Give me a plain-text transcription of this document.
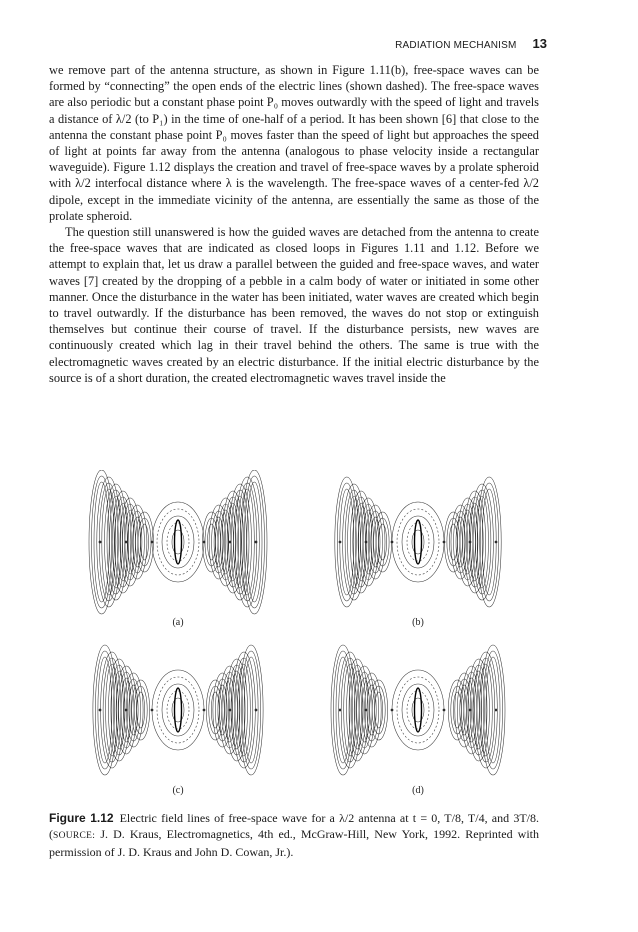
RADIATION MECHANISM 13

we remove part of the antenna structure, as shown in Figure 1.11(b), free-space waves can be formed by “connecting” the open ends of the electric lines (shown dashed). The free-space waves are also periodic but a constant phase point P₀ moves outwardly with the speed of light and travels a distance of λ/2 (to P₁) in the time of one-half of a period. It has been shown [6] that close to the antenna the constant phase point P₀ moves faster than the speed of light but approaches the speed of light at points far away from the antenna (analogous to phase velocity inside a rectangular waveguide). Figure 1.12 displays the creation and travel of free-space waves by a prolate spheroid with λ/2 interfocal distance where λ is the wavelength. The free-space waves of a center-fed λ/2 dipole, except in the immediate vicinity of the antenna, are essentially the same as those of the prolate spheroid.

The question still unanswered is how the guided waves are detached from the antenna to create the free-space waves that are indicated as closed loops in Figures 1.11 and 1.12. Before we attempt to explain that, let us draw a parallel between the guided and free-space waves, and water waves [7] created by the dropping of a pebble in a calm body of water or initiated in some other manner. Once the disturbance in the water has been initiated, water waves are created which begin to travel outwardly. If the disturbance has been removed, the waves do not stop or extinguish themselves but continue their course of travel. If the disturbance persists, new waves are continuously created which lag in their travel behind the others. The same is true with the electromagnetic waves created by an electric disturbance. If the initial electric disturbance by the source is of a short duration, the created electromagnetic waves travel inside the

(a)	(b)
(c)	(d)
Figure 1.12 Electric field lines of free-space wave for a λ/2 antenna at t = 0, T/8, T/4, and 3T/8. (SOURCE: J. D. Kraus, Electromagnetics, 4th ed., McGraw-Hill, New York, 1992. Reprinted with permission of J. D. Kraus and John D. Cowan, Jr.).
